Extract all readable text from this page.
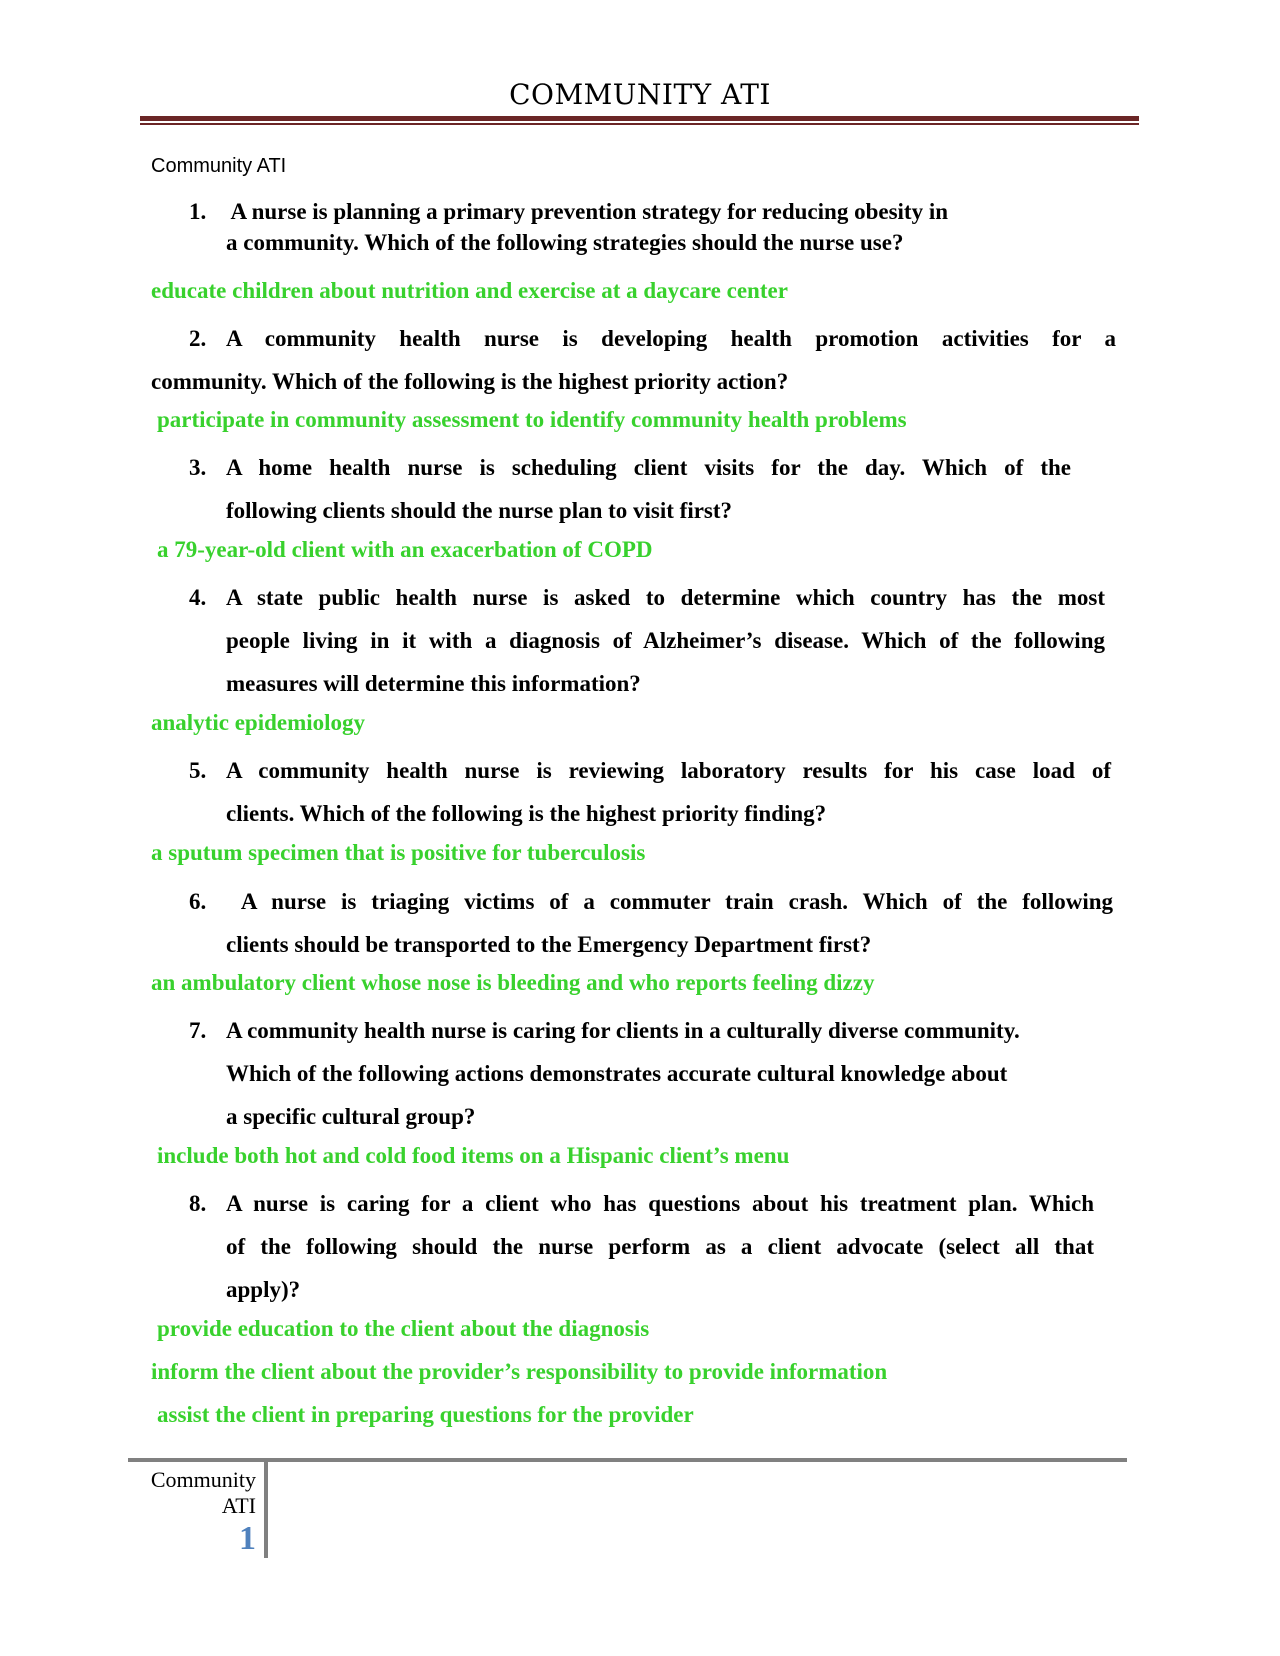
COMMUNITY ATI
Community ATI
1. A nurse is planning a primary prevention strategy for reducing obesity in
a community. Which of the following strategies should the nurse use?
educate children about nutrition and exercise at a daycare center
2. A community health nurse is developing health promotion activities for a
community. Which of the following is the highest priority action?
participate in community assessment to identify community health problems
3. A home health nurse is scheduling client visits for the day. Which of the
following clients should the nurse plan to visit first?
a 79-year-old client with an exacerbation of COPD
4. A state public health nurse is asked to determine which country has the most
people living in it with a diagnosis of Alzheimer’s disease. Which of the following
measures will determine this information?
analytic epidemiology
5. A community health nurse is reviewing laboratory results for his case load of
clients. Which of the following is the highest priority finding?
a sputum specimen that is positive for tuberculosis
6. A nurse is triaging victims of a commuter train crash. Which of the following
clients should be transported to the Emergency Department first?
an ambulatory client whose nose is bleeding and who reports feeling dizzy
7. A community health nurse is caring for clients in a culturally diverse community.
Which of the following actions demonstrates accurate cultural knowledge about
a specific cultural group?
include both hot and cold food items on a Hispanic client’s menu
8. A nurse is caring for a client who has questions about his treatment plan. Which
of the following should the nurse perform as a client advocate (select all that
apply)?
provide education to the client about the diagnosis
inform the client about the provider’s responsibility to provide information
assist the client in preparing questions for the provider
Community ATI
1
